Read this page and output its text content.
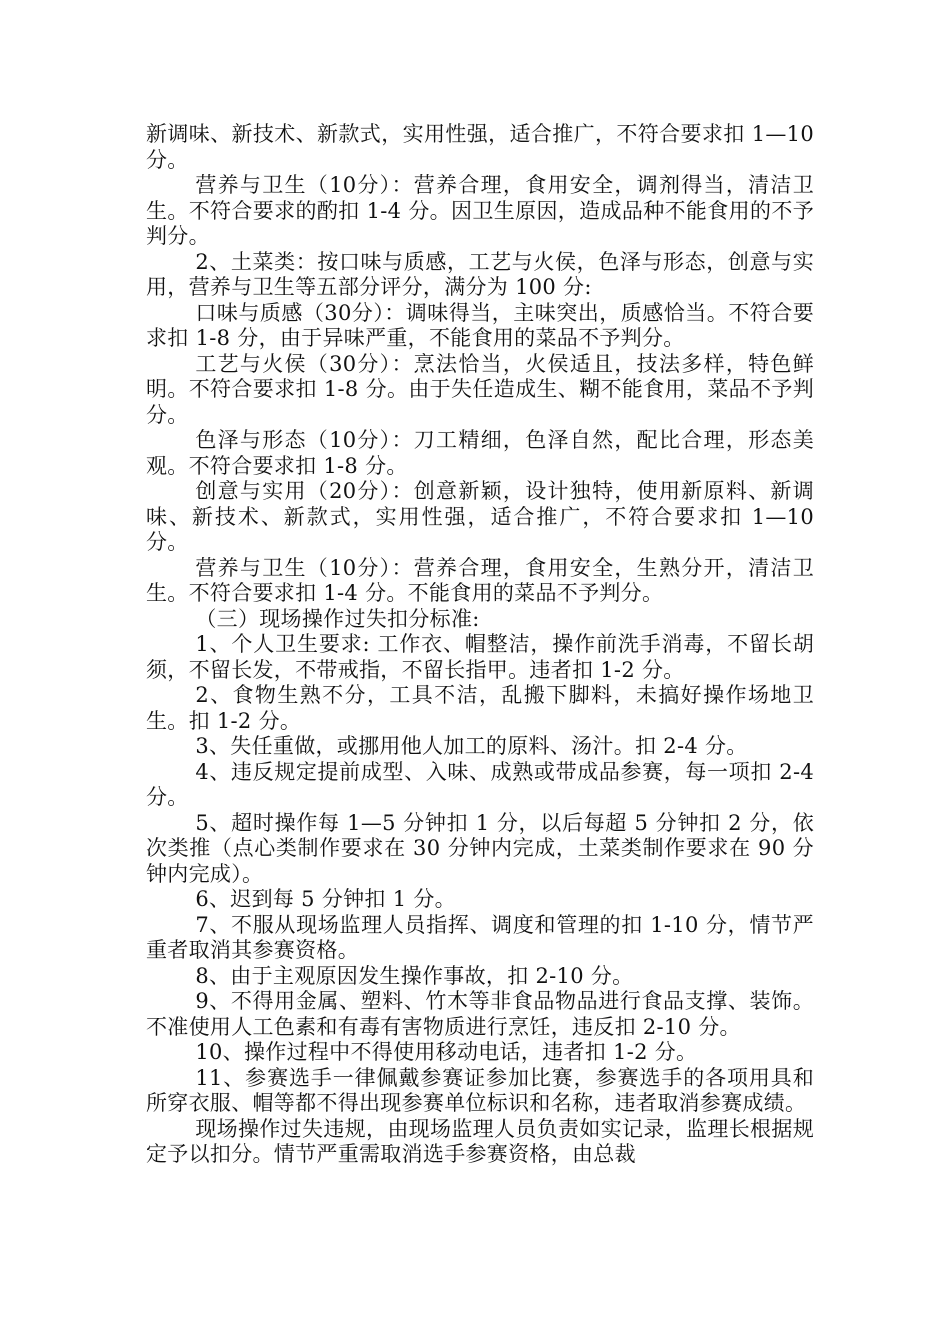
新调味、新技术、新款式，实用性强，适合推广，不符合要求扣 1—10 分。

营养与卫生（10分）：营养合理，食用安全，调剂得当，清洁卫生。不符合要求的酌扣 1-4 分。因卫生原因，造成品种不能食用的不予判分。

2、土菜类：按口味与质感，工艺与火侯，色泽与形态，创意与实用，营养与卫生等五部分评分，满分为 100 分:

口味与质感（30分）：调味得当，主味突出，质感恰当。不符合要求扣 1-8 分，由于异味严重，不能食用的菜品不予判分。

工艺与火侯（30分）：烹法恰当，火侯适且，技法多样，特色鲜明。不符合要求扣 1-8 分。由于失任造成生、糊不能食用，菜品不予判分。

色泽与形态（10分）：刀工精细，色泽自然，配比合理，形态美观。不符合要求扣 1-8 分。

创意与实用（20分）：创意新颖，设计独特，使用新原料、新调味、新技术、新款式，实用性强，适合推广，不符合要求扣 1—10 分。

营养与卫生（10分）：营养合理，食用安全，生熟分开，清洁卫生。不符合要求扣 1-4 分。不能食用的菜品不予判分。

（三）现场操作过失扣分标准:

1、个人卫生要求: 工作衣、帽整洁，操作前洗手消毒，不留长胡须，不留长发，不带戒指，不留长指甲。违者扣 1-2 分。

2、食物生熟不分，工具不洁，乱搬下脚料，未搞好操作场地卫生。扣 1-2 分。

3、失任重做，或挪用他人加工的原料、汤汁。扣 2-4 分。

4、违反规定提前成型、入味、成熟或带成品参赛，每一项扣 2-4 分。

5、超时操作每 1—5 分钟扣 1 分，以后每超 5 分钟扣 2 分，依次类推（点心类制作要求在 30 分钟内完成，土菜类制作要求在 90 分钟内完成）。

6、迟到每 5 分钟扣 1 分。

7、不服从现场监理人员指挥、调度和管理的扣 1-10 分，情节严重者取消其参赛资格。

8、由于主观原因发生操作事故，扣 2-10 分。

9、不得用金属、塑料、竹木等非食品物品进行食品支撑、装饰。不准使用人工色素和有毒有害物质进行烹饪，违反扣 2-10 分。

10、操作过程中不得使用移动电话，违者扣 1-2 分。

11、参赛选手一律佩戴参赛证参加比赛，参赛选手的各项用具和所穿衣服、帽等都不得出现参赛单位标识和名称，违者取消参赛成绩。

现场操作过失违规，由现场监理人员负责如实记录，监理长根据规定予以扣分。情节严重需取消选手参赛资格，由总裁
